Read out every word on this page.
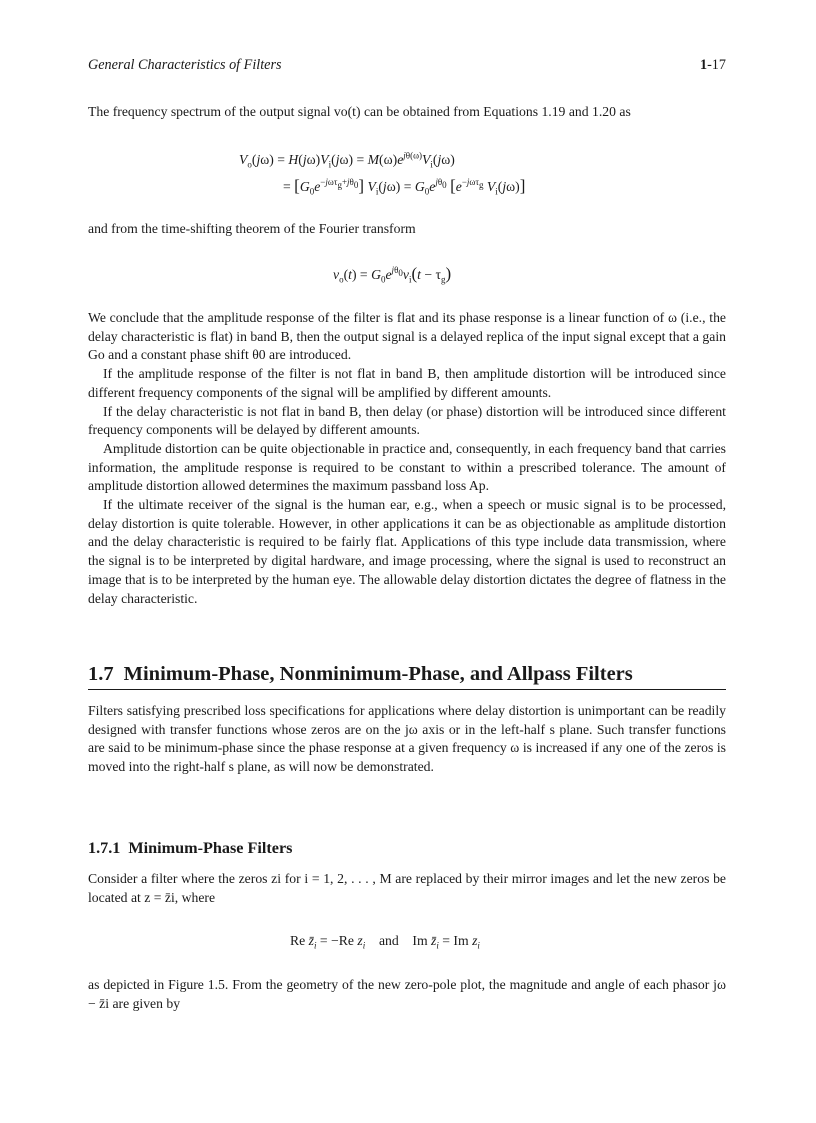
General Characteristics of Filters	1-17

The frequency spectrum of the output signal vo(t) can be obtained from Equations 1.19 and 1.20 as

$V_o(j\omega) = H(j\omega)V_i(j\omega) = M(\omega)e^{j\theta(\omega)}V_i(j\omega)$
= $[G_0e^{-j\omega\tau_g+j\theta_0}] V_i(j\omega) = G_0e^{j\theta_0}$ [$e^{-j\omega\tau_g}$ $V_i(j\omega)$]

and from the time-shifting theorem of the Fourier transform

$v_o(t) = G_0e^{j\theta_0}v_i(t - \tau_g)$

We conclude that the amplitude response of the filter is flat and its phase response is a linear function of ω (i.e., the delay characteristic is flat) in band B, then the output signal is a delayed replica of the input signal except that a gain Go and a constant phase shift θ0 are introduced.

If the amplitude response of the filter is not flat in band B, then amplitude distortion will be introduced since different frequency components of the signal will be amplified by different amounts.

If the delay characteristic is not flat in band B, then delay (or phase) distortion will be introduced since different frequency components will be delayed by different amounts.

Amplitude distortion can be quite objectionable in practice and, consequently, in each frequency band that carries information, the amplitude response is required to be constant to within a prescribed tolerance. The amount of amplitude distortion allowed determines the maximum passband loss Ap.

If the ultimate receiver of the signal is the human ear, e.g., when a speech or music signal is to be processed, delay distortion is quite tolerable. However, in other applications it can be as objectionable as amplitude distortion and the delay characteristic is required to be fairly flat. Applications of this type include data transmission, where the signal is to be interpreted by digital hardware, and image processing, where the signal is used to reconstruct an image that is to be interpreted by the human eye. The allowable delay distortion dictates the degree of flatness in the delay characteristic.

1.7 Minimum-Phase, Nonminimum-Phase, and Allpass Filters

Filters satisfying prescribed loss specifications for applications where delay distortion is unimportant can be readily designed with transfer functions whose zeros are on the jω axis or in the left-half s plane. Such transfer functions are said to be minimum-phase since the phase response at a given frequency ω is increased if any one of the zeros is moved into the right-half s plane, as will now be demonstrated.

1.7.1 Minimum-Phase Filters

Consider a filter where the zeros zi for i = 1, 2, . . . , M are replaced by their mirror images and let the new zeros be located at z = z̄i, where

Re $z̄_i = -Re$ $z_i$    and    Im $z̄_i = Im$ $z_i$

as depicted in Figure 1.5. From the geometry of the new zero-pole plot, the magnitude and angle of each phasor jω − z̄i are given by
